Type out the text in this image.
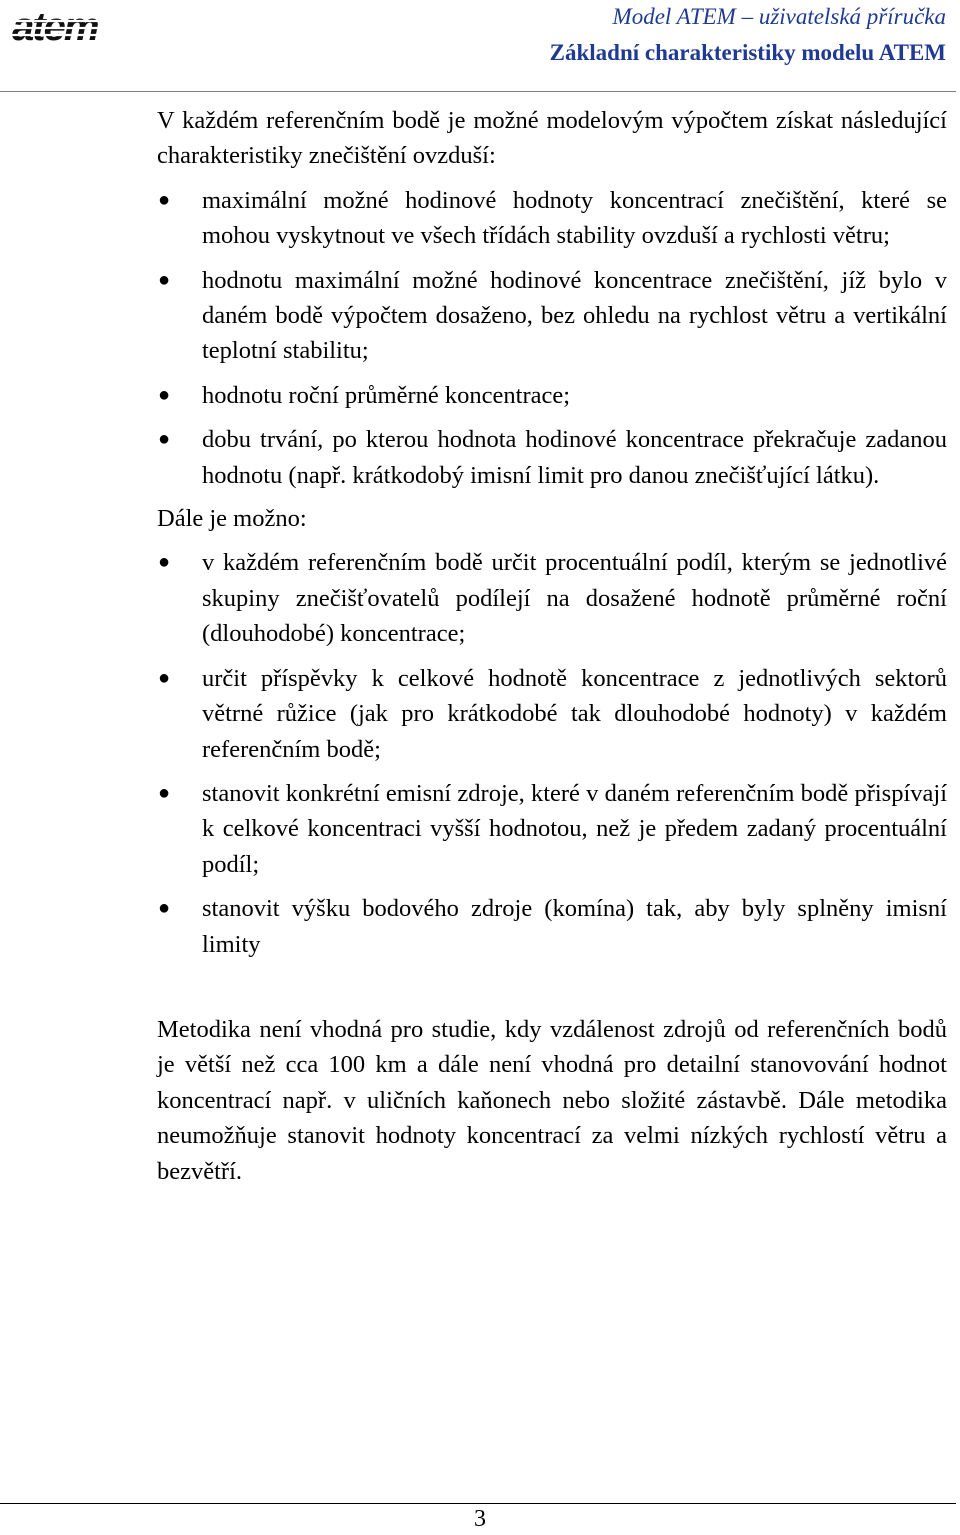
atem	Model ATEM – uživatelská příručka
Základní charakteristiky modelu ATEM

V každém referenčním bodě je možné modelovým výpočtem získat následující charakteristiky znečištění ovzduší:

● maximální možné hodinové hodnoty koncentrací znečištění, které se mohou vyskytnout ve všech třídách stability ovzduší a rychlosti větru;
● hodnotu maximální možné hodinové koncentrace znečištění, jíž bylo v daném bodě výpočtem dosaženo, bez ohledu na rychlost větru a vertikální teplotní stabilitu;
● hodnotu roční průměrné koncentrace;
● dobu trvání, po kterou hodnota hodinové koncentrace překračuje zadanou hodnotu (např. krátkodobý imisní limit pro danou znečišťující látku).

Dále je možno:

● v každém referenčním bodě určit procentuální podíl, kterým se jednotlivé skupiny znečišťovatelů podílejí na dosažené hodnotě průměrné roční (dlouhodobé) koncentrace;
● určit příspěvky k celkové hodnotě koncentrace z jednotlivých sektorů větrné růžice (jak pro krátkodobé tak dlouhodobé hodnoty) v každém referenčním bodě;
● stanovit konkrétní emisní zdroje, které v daném referenčním bodě přispívají k celkové koncentraci vyšší hodnotou, než je předem zadaný procentuální podíl;
● stanovit výšku bodového zdroje (komína) tak, aby byly splněny imisní limity

Metodika není vhodná pro studie, kdy vzdálenost zdrojů od referenčních bodů je větší než cca 100 km a dále není vhodná pro detailní stanovování hodnot koncentrací např. v uličních kaňonech nebo složité zástavbě. Dále metodika neumožňuje stanovit hodnoty koncentrací za velmi nízkých rychlostí větru a bezvětří.

3
